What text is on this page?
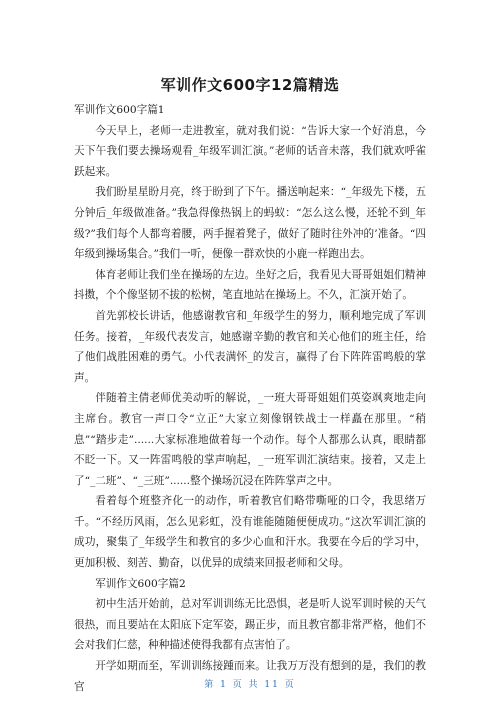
军训作文600字12篇精选

军训作文600字篇1

今天早上，老师一走进教室，就对我们说：“告诉大家一个好消息，今天下午我们要去操场观看_年级军训汇演。”老师的话音未落，我们就欢呼雀跃起来。

我们盼星星盼月亮，终于盼到了下午。播送响起来：“_年级先下楼，五分钟后_年级做准备。”我急得像热锅上的蚂蚁：“怎么这么慢，还轮不到_年级?”我们每个人都弯着腰，两手握着凳子，做好了随时往外冲的’准备。“四年级到操场集合。”我们一听，便像一群欢快的小鹿一样跑出去。

体育老师让我们坐在操场的左边。坐好之后，我看见大哥哥姐姐们精神抖擞，个个像坚韧不拔的松树，笔直地站在操场上。不久，汇演开始了。

首先郭校长讲话，他感谢教官和_年级学生的努力，顺利地完成了军训任务。接着，_年级代表发言，她感谢辛勤的教官和关心他们的班主任，给了他们战胜困难的勇气。小代表满怀_的发言，赢得了台下阵阵雷鸣般的掌声。

伴随着主倩老师优美动听的解说，_一班大哥哥姐姐们英姿飒爽地走向主席台。教官一声口令“立正”大家立刻像钢铁战士一样矗在那里。“稍息”“踏步走”......大家标准地做着每一个动作。每个人都那么认真，眼睛都不眨一下。又一阵雷鸣般的掌声响起，_一班军训汇演结束。接着，又走上了“_二班”、“_三班”......整个操场沉浸在阵阵掌声之中。

看着每个班整齐化一的动作，听着教官们略带嘶哑的口令，我思绪万千。“不经历风雨，怎么见彩虹，没有谁能随随便便成功。”这次军训汇演的成功，聚集了_年级学生和教官的多少心血和汗水。我要在今后的学习中，更加积极、刻苦、勤奋，以优异的成绩来回报老师和父母。

军训作文600字篇2

初中生活开始前，总对军训训练无比恐惧，老是听人说军训时候的天气很热，而且要站在太阳底下定军姿，踢正步，而且教官都非常严格，他们不会对我们仁慈，种种描述使得我都有点害怕了。

开学如期而至，军训训练接踵而来。让我万万没有想到的是，我们的教官	第 1 页 共 11 页
